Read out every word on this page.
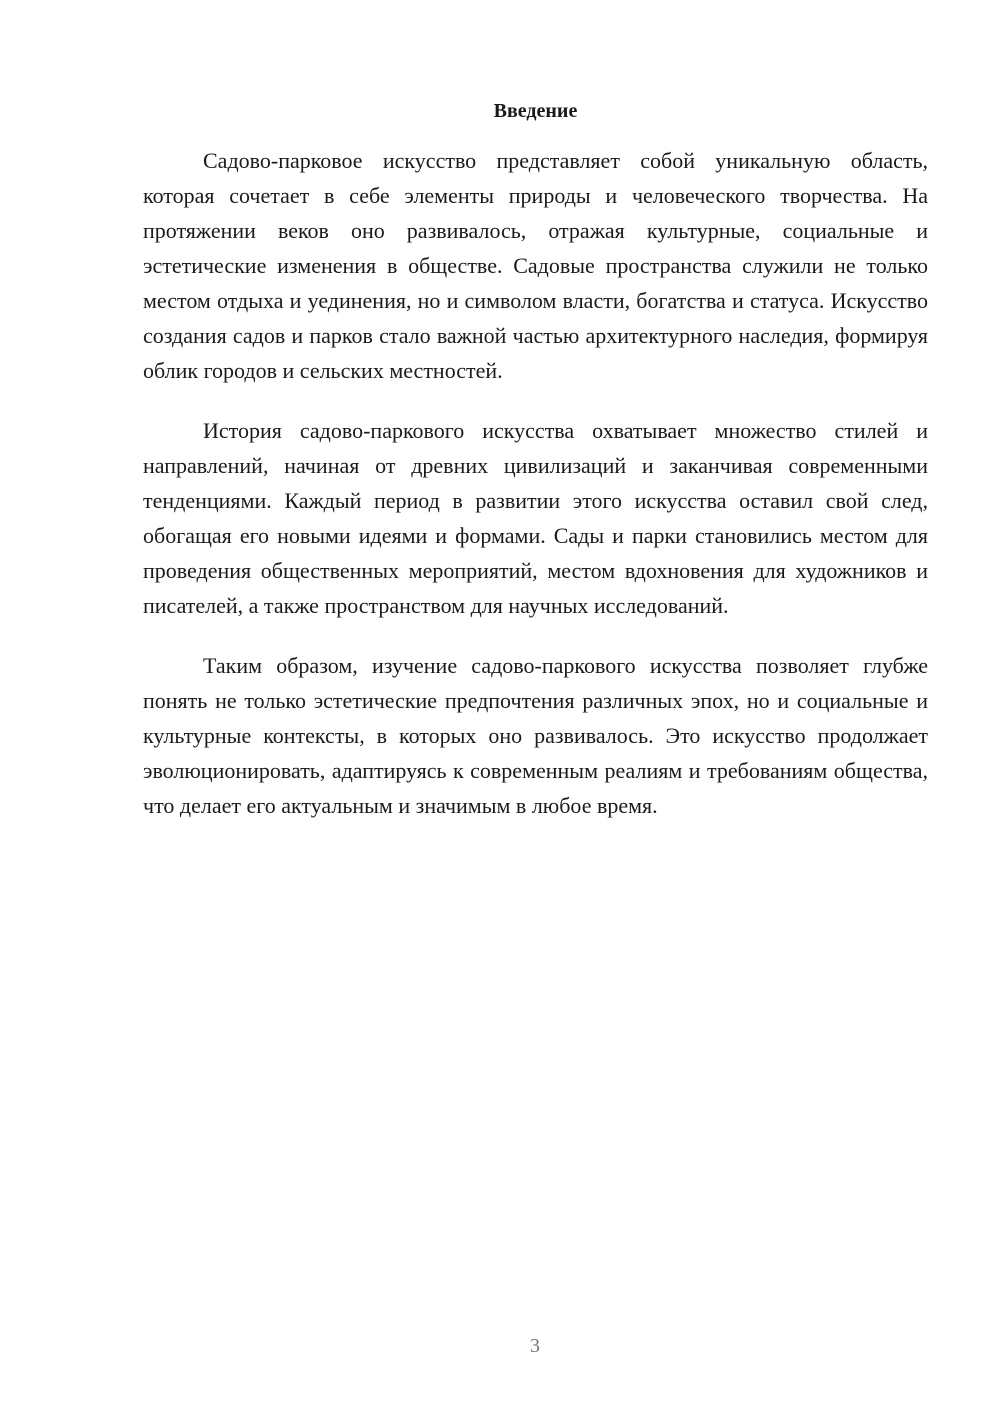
Введение

Садово-парковое искусство представляет собой уникальную область, которая сочетает в себе элементы природы и человеческого творчества. На протяжении веков оно развивалось, отражая культурные, социальные и эстетические изменения в обществе. Садовые пространства служили не только местом отдыха и уединения, но и символом власти, богатства и статуса. Искусство создания садов и парков стало важной частью архитектурного наследия, формируя облик городов и сельских местностей.

История садово-паркового искусства охватывает множество стилей и направлений, начиная от древних цивилизаций и заканчивая современными тенденциями. Каждый период в развитии этого искусства оставил свой след, обогащая его новыми идеями и формами. Сады и парки становились местом для проведения общественных мероприятий, местом вдохновения для художников и писателей, а также пространством для научных исследований.

Таким образом, изучение садово-паркового искусства позволяет глубже понять не только эстетические предпочтения различных эпох, но и социальные и культурные контексты, в которых оно развивалось. Это искусство продолжает эволюционировать, адаптируясь к современным реалиям и требованиям общества, что делает его актуальным и значимым в любое время.

3
